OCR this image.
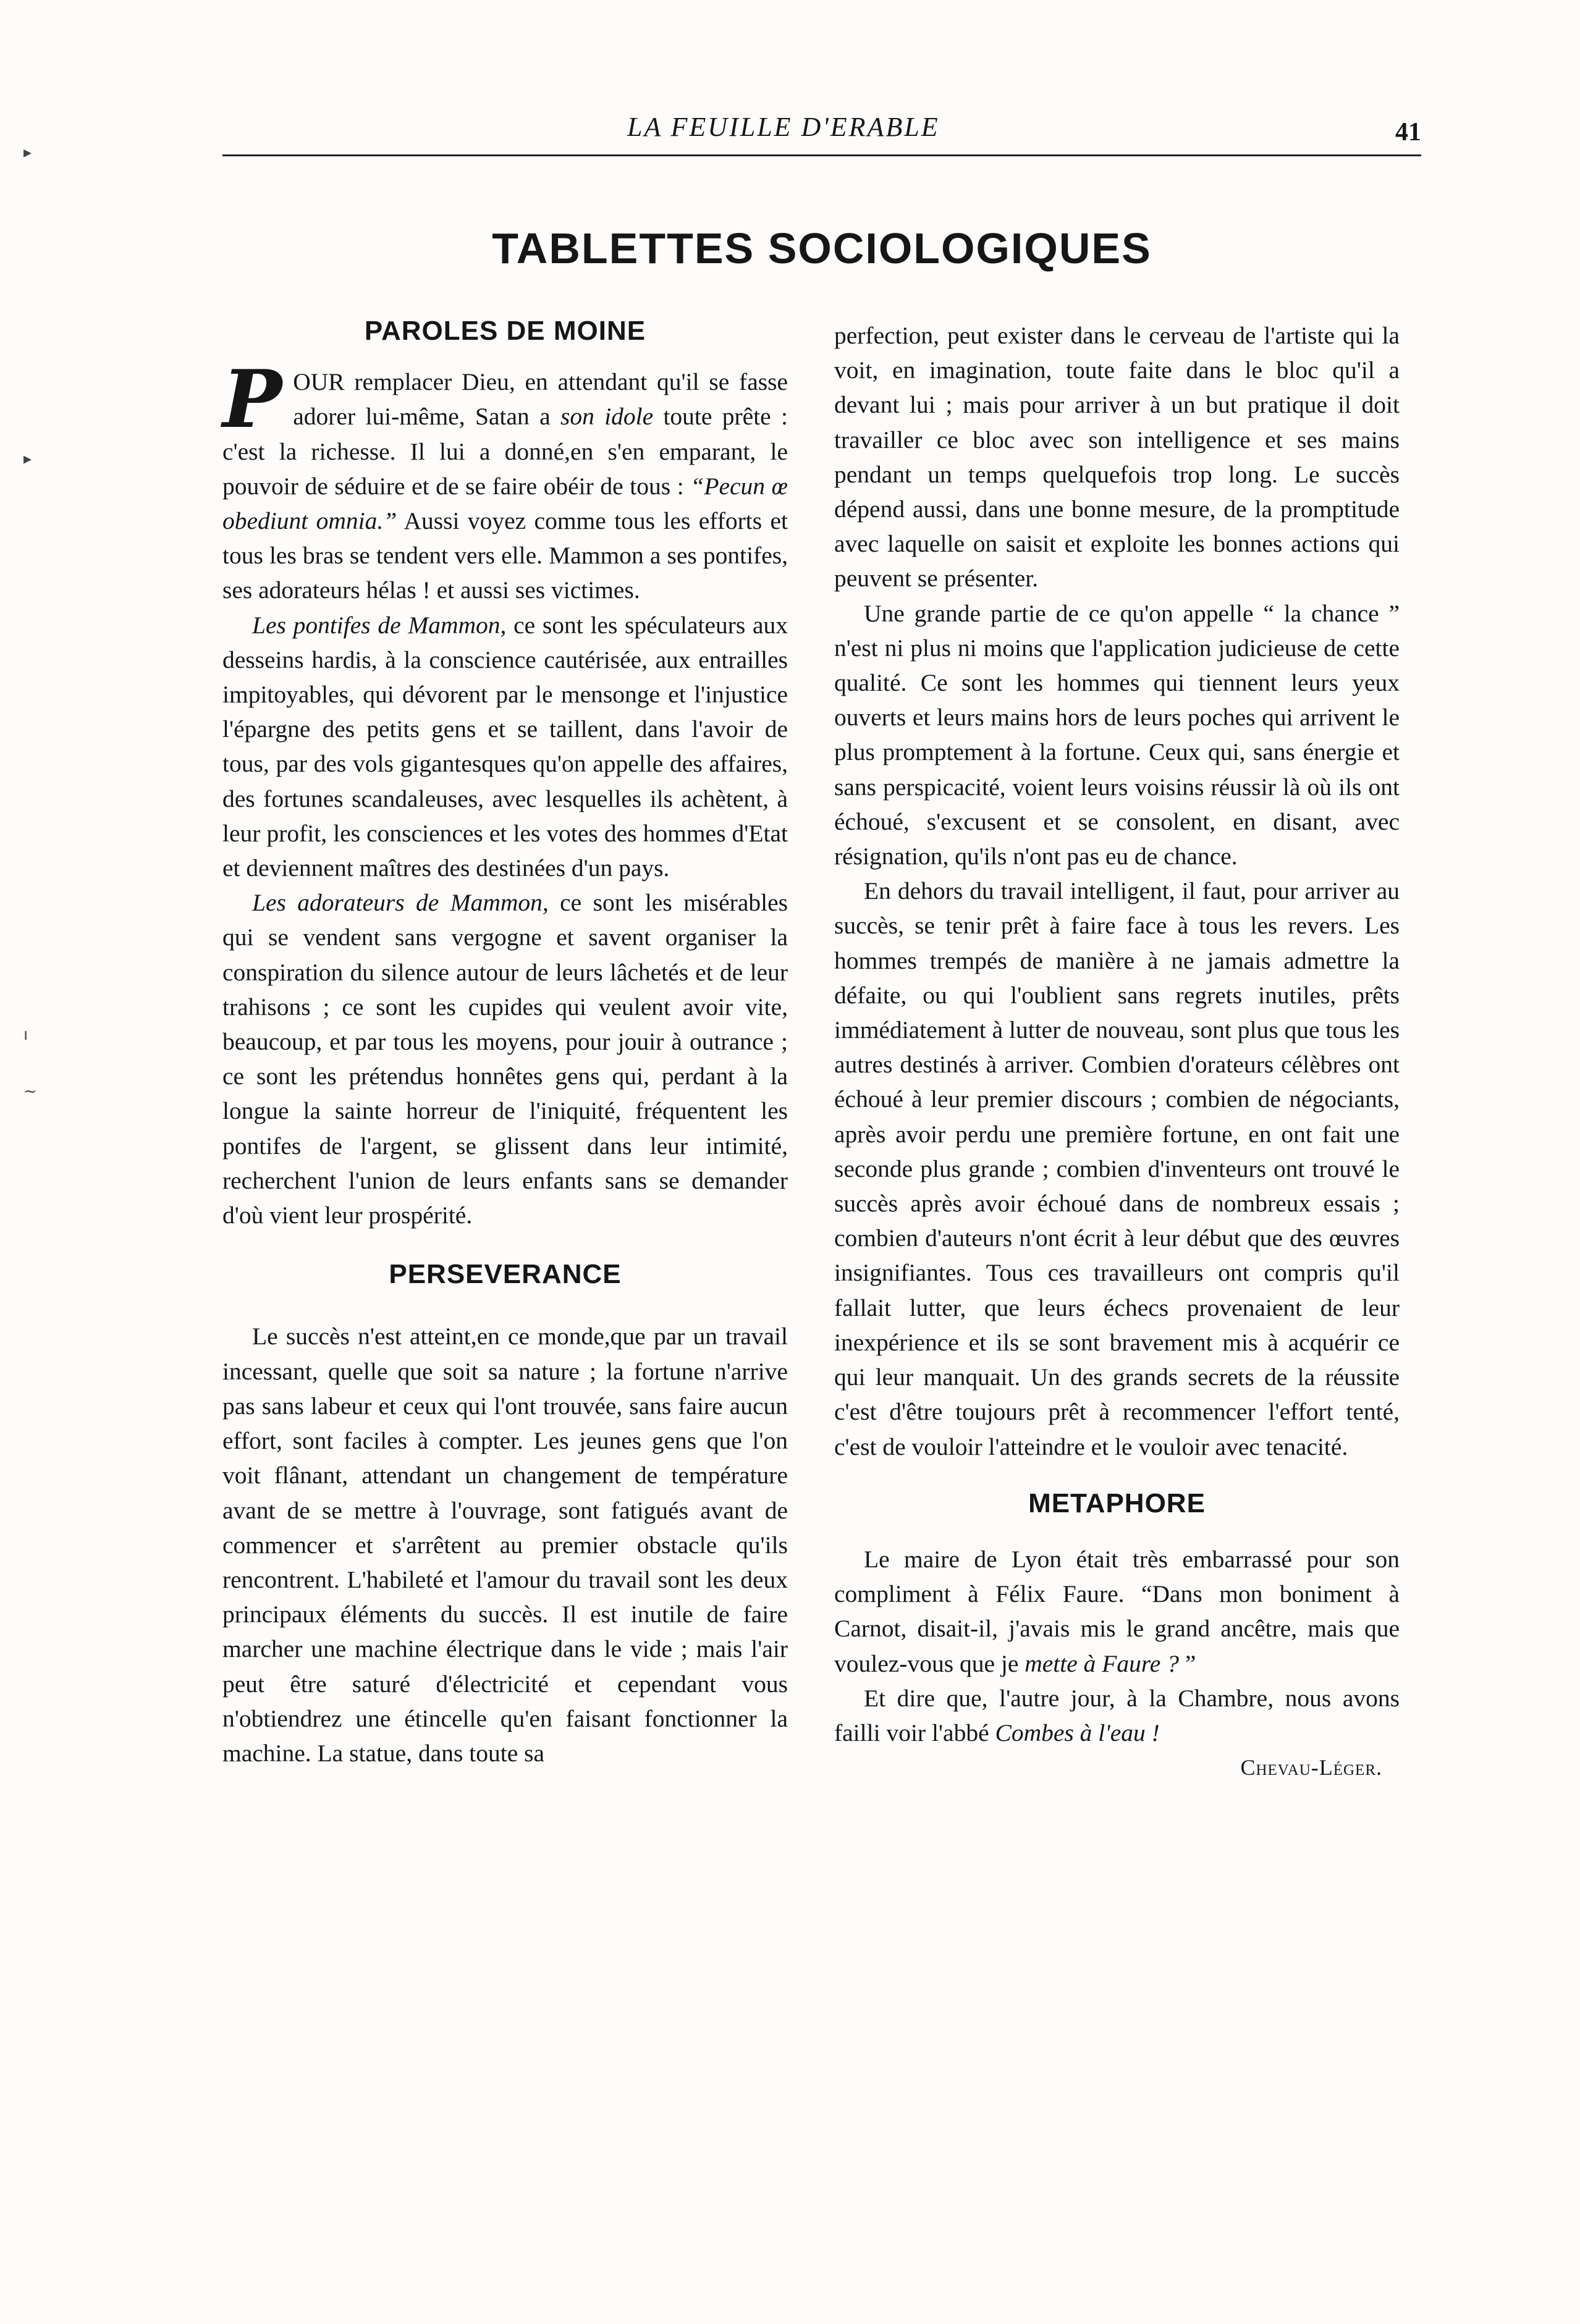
▸
▸
ı
~
LA FEUILLE D'ERABLE	41
TABLETTES SOCIOLOGIQUES
PAROLES DE MOINE

POUR remplacer Dieu, en attendant qu'il se fasse adorer lui-même, Satan a son idole toute prête : c'est la richesse. Il lui a donné,en s'en emparant, le pouvoir de séduire et de se faire obéir de tous : “Pecun œ obediunt omnia.” Aussi voyez comme tous les efforts et tous les bras se tendent vers elle. Mammon a ses pontifes, ses adorateurs hélas ! et aussi ses victimes.

Les pontifes de Mammon, ce sont les spéculateurs aux desseins hardis, à la conscience cautérisée, aux entrailles impitoyables, qui dévorent par le mensonge et l'injustice l'épargne des petits gens et se taillent, dans l'avoir de tous, par des vols gigantesques qu'on appelle des affaires, des fortunes scandaleuses, avec lesquelles ils achètent, à leur profit, les consciences et les votes des hommes d'Etat et deviennent maîtres des destinées d'un pays.

Les adorateurs de Mammon, ce sont les misérables qui se vendent sans vergogne et savent organiser la conspiration du silence autour de leurs lâchetés et de leur trahisons ; ce sont les cupides qui veulent avoir vite, beaucoup, et par tous les moyens, pour jouir à outrance ; ce sont les prétendus honnêtes gens qui, perdant à la longue la sainte horreur de l'iniquité, fréquentent les pontifes de l'argent, se glissent dans leur intimité, recherchent l'union de leurs enfants sans se demander d'où vient leur prospérité.

PERSEVERANCE

Le succès n'est atteint,en ce monde,que par un travail incessant, quelle que soit sa nature ; la fortune n'arrive pas sans labeur et ceux qui l'ont trouvée, sans faire aucun effort, sont faciles à compter. Les jeunes gens que l'on voit flânant, attendant un changement de température avant de se mettre à l'ouvrage, sont fatigués avant de commencer et s'arrêtent au premier obstacle qu'ils rencontrent. L'habileté et l'amour du travail sont les deux principaux éléments du succès. Il est inutile de faire marcher une machine électrique dans le vide ; mais l'air peut être saturé d'électricité et cependant vous n'obtiendrez une étincelle qu'en faisant fonctionner la machine. La statue, dans toute sa

perfection, peut exister dans le cerveau de l'artiste qui la voit, en imagination, toute faite dans le bloc qu'il a devant lui ; mais pour arriver à un but pratique il doit travailler ce bloc avec son intelligence et ses mains pendant un temps quelquefois trop long. Le succès dépend aussi, dans une bonne mesure, de la promptitude avec laquelle on saisit et exploite les bonnes actions qui peuvent se présenter.

Une grande partie de ce qu'on appelle “ la chance ” n'est ni plus ni moins que l'application judicieuse de cette qualité. Ce sont les hommes qui tiennent leurs yeux ouverts et leurs mains hors de leurs poches qui arrivent le plus promptement à la fortune. Ceux qui, sans énergie et sans perspicacité, voient leurs voisins réussir là où ils ont échoué, s'excusent et se consolent, en disant, avec résignation, qu'ils n'ont pas eu de chance.

En dehors du travail intelligent, il faut, pour arriver au succès, se tenir prêt à faire face à tous les revers. Les hommes trempés de manière à ne jamais admettre la défaite, ou qui l'oublient sans regrets inutiles, prêts immédiatement à lutter de nouveau, sont plus que tous les autres destinés à arriver. Combien d'orateurs célèbres ont échoué à leur premier discours ; combien de négociants, après avoir perdu une première fortune, en ont fait une seconde plus grande ; combien d'inventeurs ont trouvé le succès après avoir échoué dans de nombreux essais ; combien d'auteurs n'ont écrit à leur début que des œuvres insignifiantes. Tous ces travailleurs ont compris qu'il fallait lutter, que leurs échecs provenaient de leur inexpérience et ils se sont bravement mis à acquérir ce qui leur manquait. Un des grands secrets de la réussite c'est d'être toujours prêt à recommencer l'effort tenté, c'est de vouloir l'atteindre et le vouloir avec tenacité.

METAPHORE

Le maire de Lyon était très embarrassé pour son compliment à Félix Faure. “Dans mon boniment à Carnot, disait-il, j'avais mis le grand ancêtre, mais que voulez-vous que je mette à Faure ? ”

Et dire que, l'autre jour, à la Chambre, nous avons failli voir l'abbé Combes à l'eau !

Chevau-Léger.
